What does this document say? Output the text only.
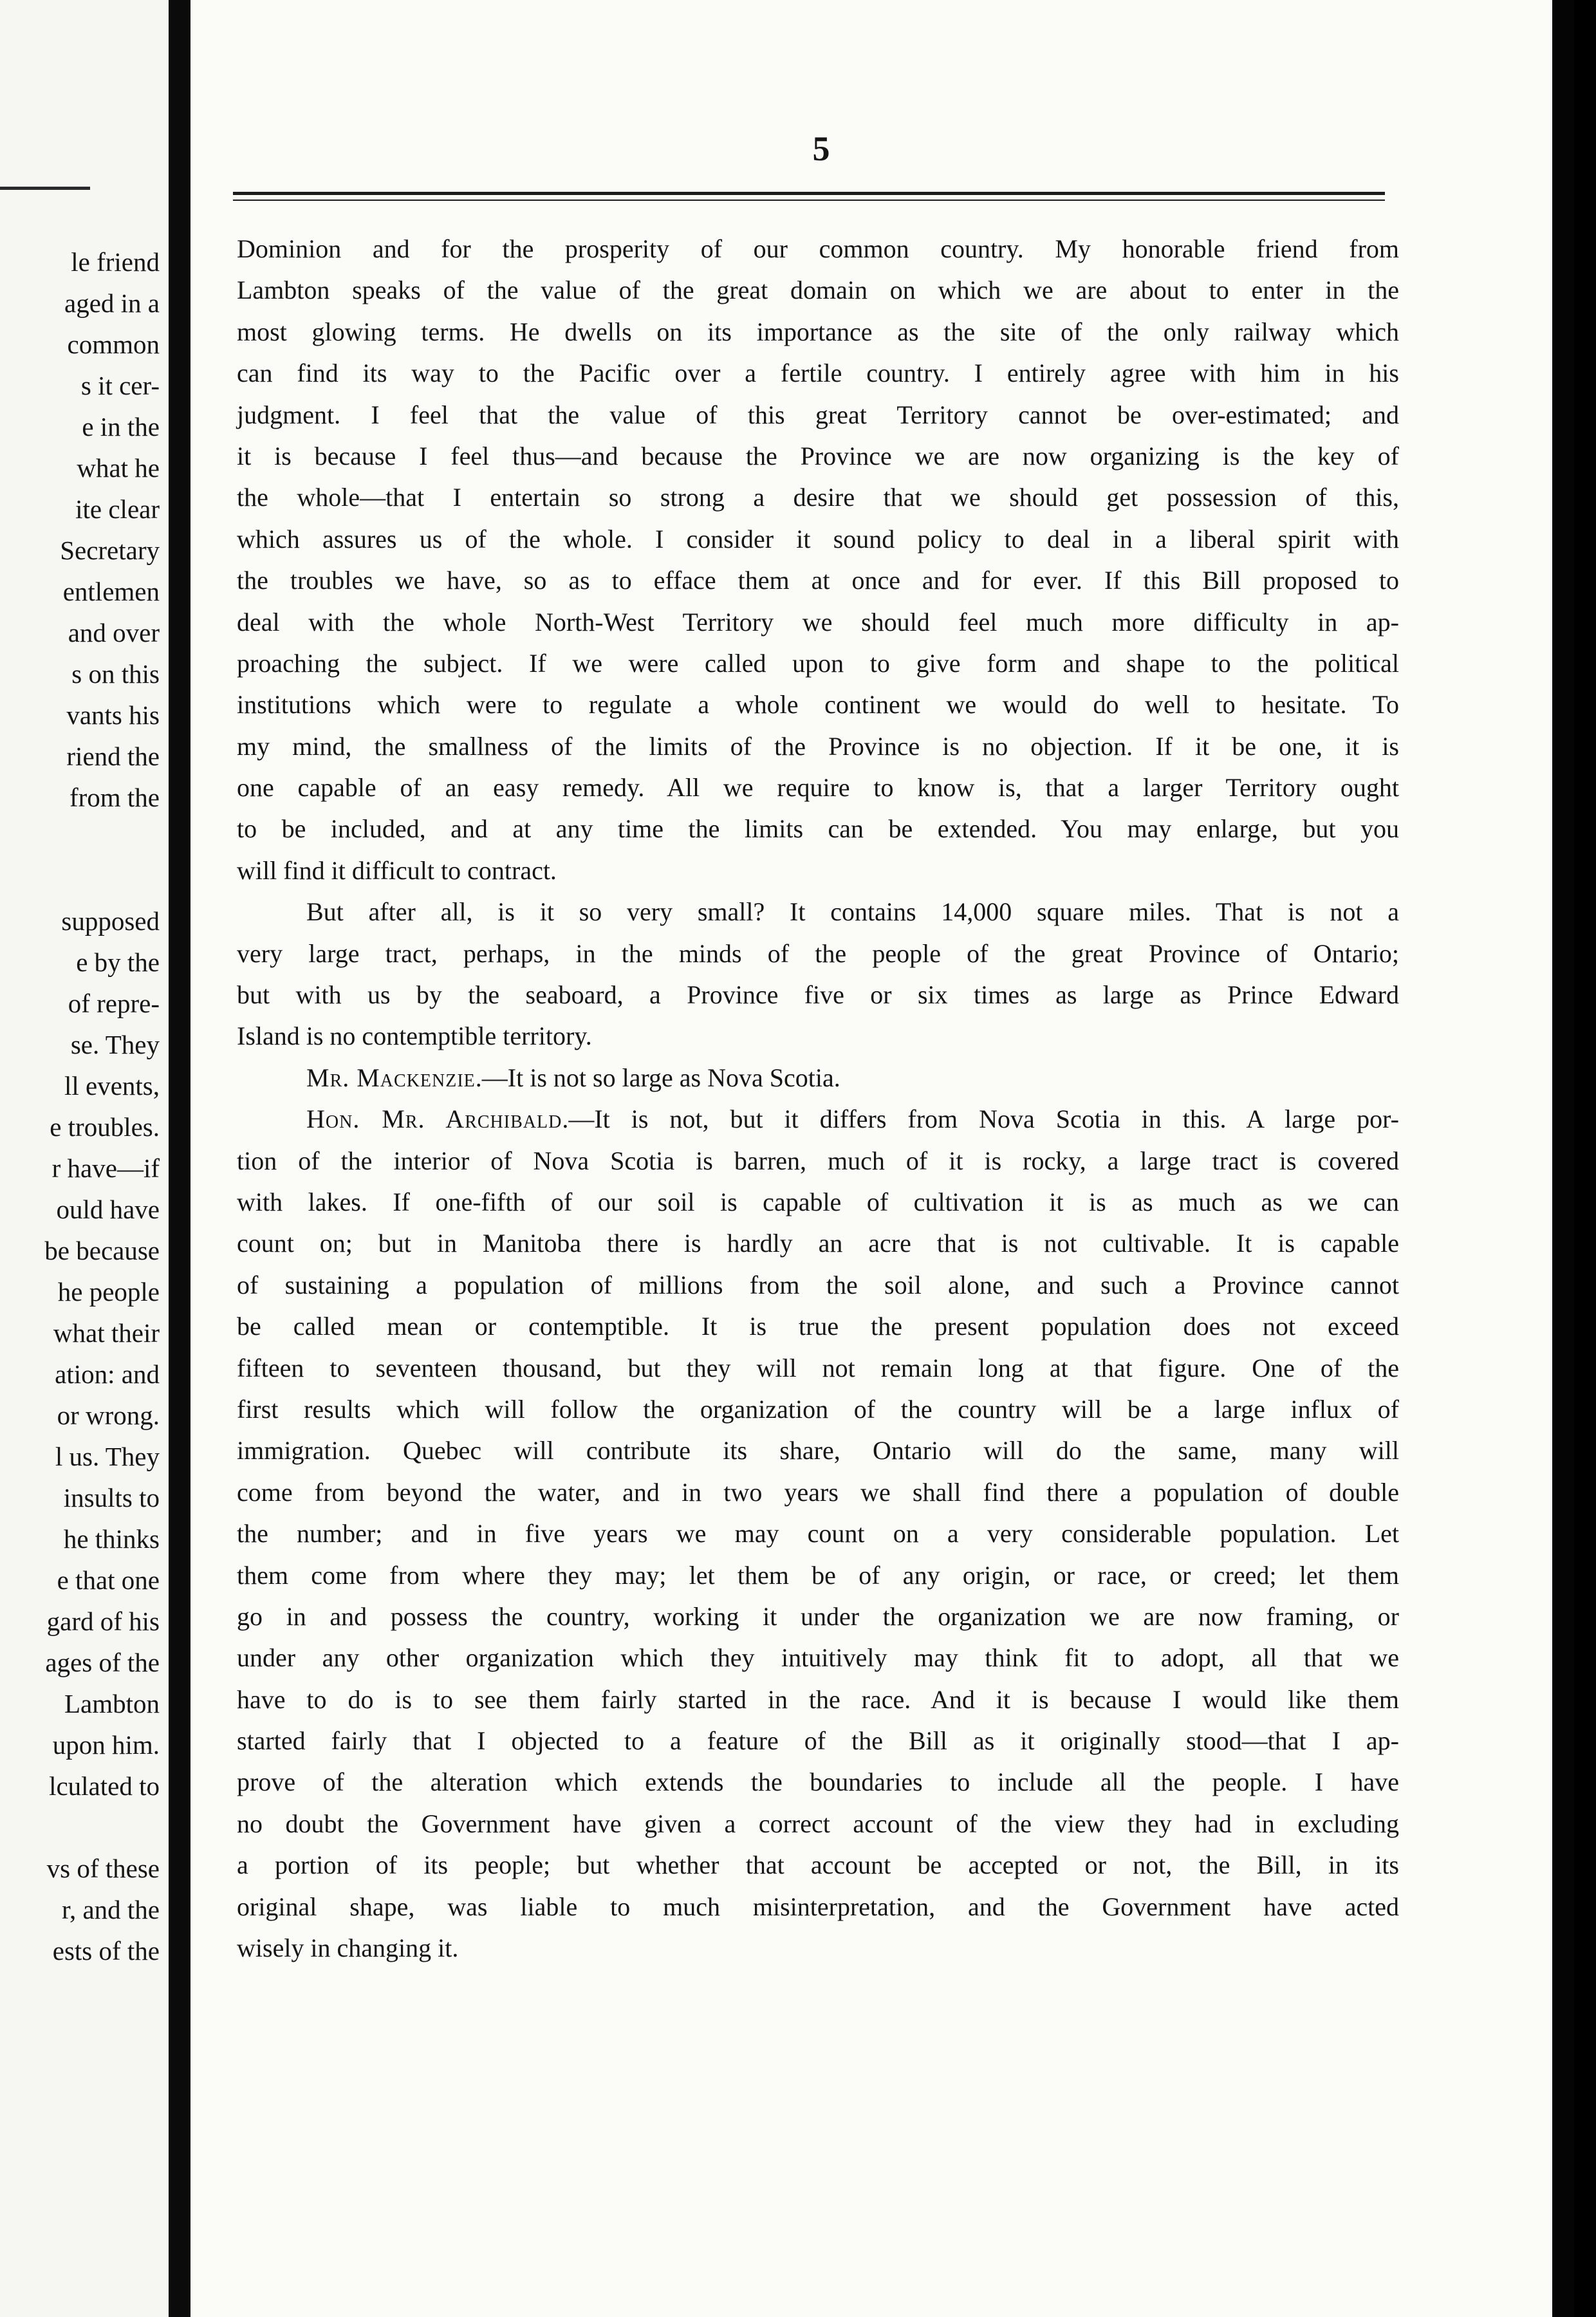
le friend
aged in a
common
s it cer-
e in the
what he
ite clear
Secretary
entlemen
and over
s on this
vants his
riend the
from the
supposed
e by the
of repre-
se. They
ll events,
e troubles.
r have—if
ould have
be because
he people
what their
ation: and
or wrong.
l us. They
insults to
he thinks
e that one
gard of his
ages of the
Lambton
upon him.
lculated to
vs of these
r, and the
ests of the
5
Dominion and for the prosperity of our common country. My honorable friend from
Lambton speaks of the value of the great domain on which we are about to enter in the
most glowing terms. He dwells on its importance as the site of the only railway which
can find its way to the Pacific over a fertile country. I entirely agree with him in his
judgment. I feel that the value of this great Territory cannot be over-estimated; and
it is because I feel thus—and because the Province we are now organizing is the key of
the whole—that I entertain so strong a desire that we should get possession of this,
which assures us of the whole. I consider it sound policy to deal in a liberal spirit with
the troubles we have, so as to efface them at once and for ever. If this Bill proposed to
deal with the whole North-West Territory we should feel much more difficulty in ap-
proaching the subject. If we were called upon to give form and shape to the political
institutions which were to regulate a whole continent we would do well to hesitate. To
my mind, the smallness of the limits of the Province is no objection. If it be one, it is
one capable of an easy remedy. All we require to know is, that a larger Territory ought
to be included, and at any time the limits can be extended. You may enlarge, but you
will find it difficult to contract.
But after all, is it so very small? It contains 14,000 square miles. That is not a
very large tract, perhaps, in the minds of the people of the great Province of Ontario;
but with us by the seaboard, a Province five or six times as large as Prince Edward
Island is no contemptible territory.
Mr. Mackenzie.—It is not so large as Nova Scotia.
Hon. Mr. Archibald.—It is not, but it differs from Nova Scotia in this. A large por-
tion of the interior of Nova Scotia is barren, much of it is rocky, a large tract is covered
with lakes. If one-fifth of our soil is capable of cultivation it is as much as we can
count on; but in Manitoba there is hardly an acre that is not cultivable. It is capable
of sustaining a population of millions from the soil alone, and such a Province cannot
be called mean or contemptible. It is true the present population does not exceed
fifteen to seventeen thousand, but they will not remain long at that figure. One of the
first results which will follow the organization of the country will be a large influx of
immigration. Quebec will contribute its share, Ontario will do the same, many will
come from beyond the water, and in two years we shall find there a population of double
the number; and in five years we may count on a very considerable population. Let
them come from where they may; let them be of any origin, or race, or creed; let them
go in and possess the country, working it under the organization we are now framing, or
under any other organization which they intuitively may think fit to adopt, all that we
have to do is to see them fairly started in the race. And it is because I would like them
started fairly that I objected to a feature of the Bill as it originally stood—that I ap-
prove of the alteration which extends the boundaries to include all the people. I have
no doubt the Government have given a correct account of the view they had in excluding
a portion of its people; but whether that account be accepted or not, the Bill, in its
original shape, was liable to much misinterpretation, and the Government have acted
wisely in changing it.
